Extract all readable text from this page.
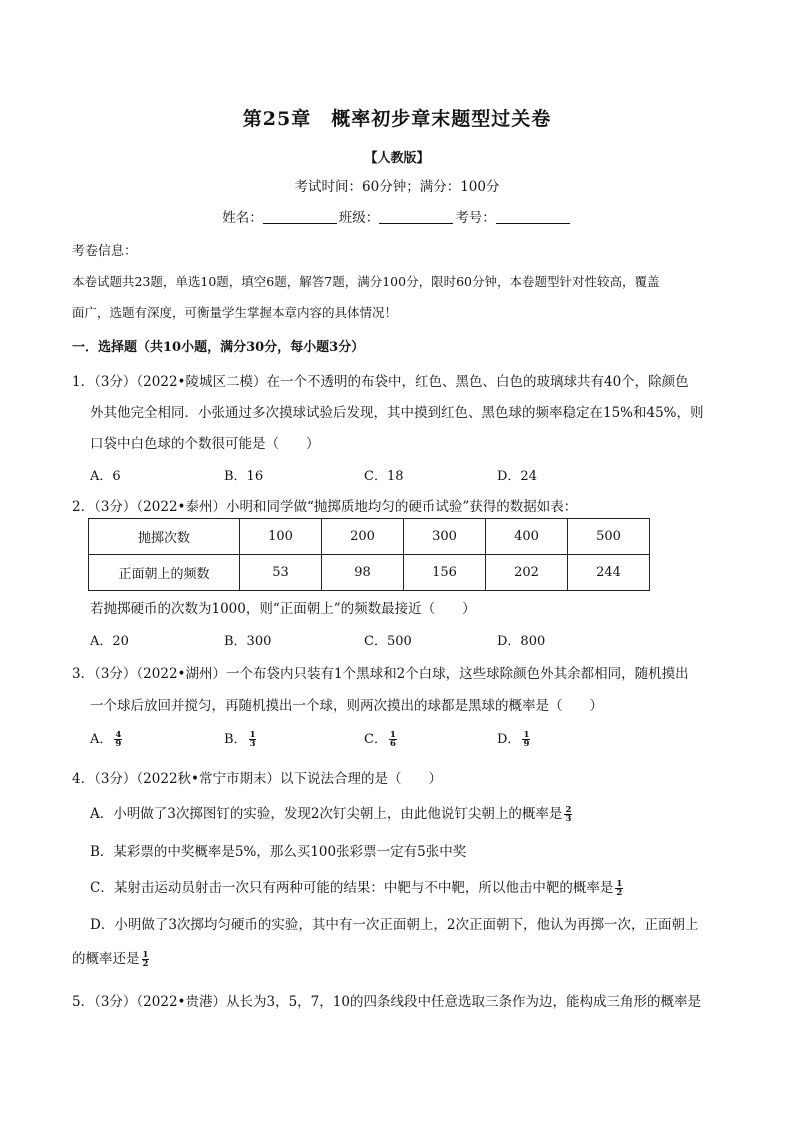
第25章　概率初步章末题型过关卷
【人教版】
考试时间：60分钟；满分：100分
姓名：	班级：	考号：
考卷信息：
本卷试题共23题，单选10题，填空6题，解答7题，满分100分，限时60分钟，本卷题型针对性较高，覆盖
面广，选题有深度，可衡量学生掌握本章内容的具体情况！
一．选择题（共10小题，满分30分，每小题3分）
1．（3分）（2022•陵城区二模）在一个不透明的布袋中，红色、黑色、白色的玻璃球共有40个，除颜色
外其他完全相同．小张通过多次摸球试验后发现，其中摸到红色、黑色球的频率稳定在15%和45%，则
口袋中白色球的个数很可能是（　　）
A．6	B．16	C．18	D．24
2．（3分）（2022•泰州）小明和同学做“抛掷质地均匀的硬币试验”获得的数据如表：
抛掷次数	100	200	300	400	500
正面朝上的频数	53	98	156	202	244
若抛掷硬币的次数为1000，则“正面朝上”的频数最接近（　　）
A．20	B．300	C．500	D．800
3．（3分）（2022•湖州）一个布袋内只装有1个黑球和2个白球，这些球除颜色外其余都相同，随机摸出
一个球后放回并搅匀，再随机摸出一个球，则两次摸出的球都是黑球的概率是（　　）
A． $\frac{4}{9}$	B． $\frac{1}{3}$	C． $\frac{1}{6}$	D． $\frac{1}{9}$
4．（3分）（2022秋•常宁市期末）以下说法合理的是（　　）
A．小明做了3次掷图钉的实验，发现2次钉尖朝上，由此他说钉尖朝上的概率是 $\frac{2}{3}$
B．某彩票的中奖概率是5%，那么买100张彩票一定有5张中奖
C．某射击运动员射击一次只有两种可能的结果：中靶与不中靶，所以他击中靶的概率是 $\frac{1}{2}$
D．小明做了3次掷均匀硬币的实验，其中有一次正面朝上，2次正面朝下，他认为再掷一次，正面朝上
的概率还是 $\frac{1}{2}$
5．（3分）（2022•贵港）从长为3，5，7，10的四条线段中任意选取三条作为边，能构成三角形的概率是
